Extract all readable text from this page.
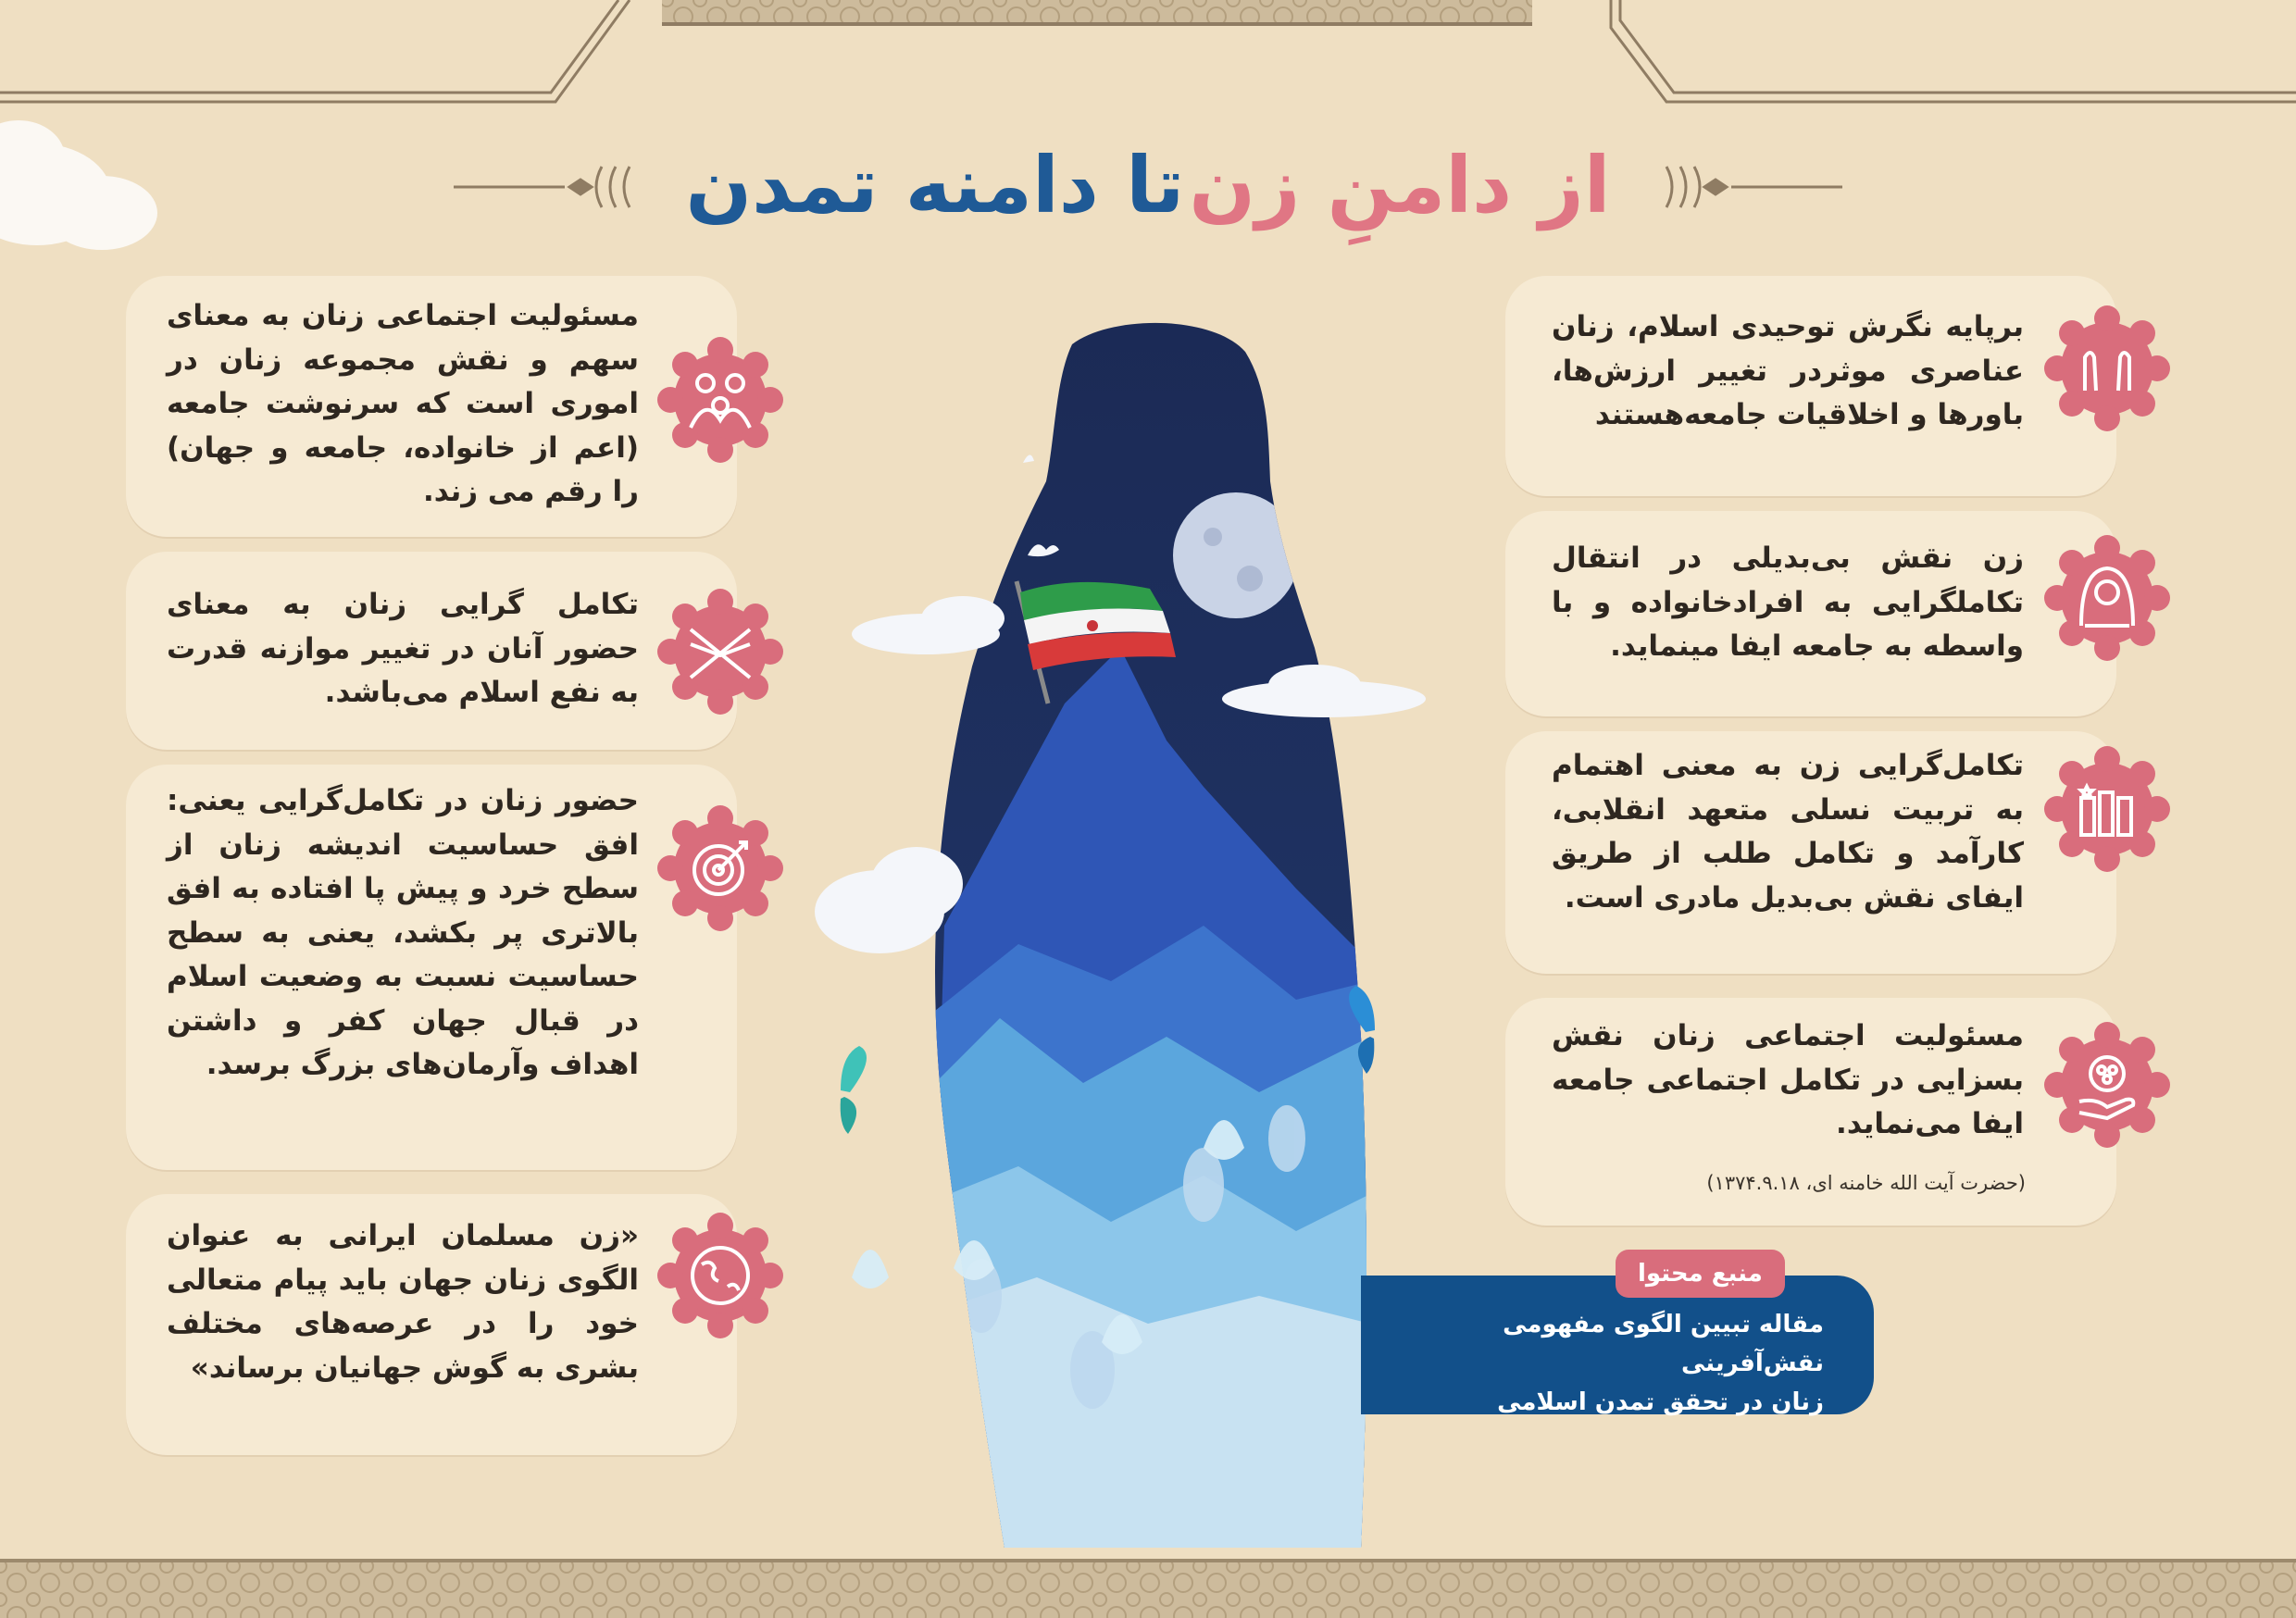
از دامنِ زن تا دامنه تمدن
مسئولیت اجتماعی زنان به معنای سهم و نقش مجموعه زنان در اموری است که سرنوشت جامعه (اعم از خانواده، جامعه و جهان) را رقم می زند.
تکامل گرایی زنان به معنای حضور آنان در تغییر موازنه قدرت به نفع اسلام می‌باشد.
حضور زنان در تکامل‌گرایی یعنی: افق حساسیت اندیشه زنان از سطح خرد و پیش پا افتاده به افق بالاتری پر بکشد، یعنی به سطح حساسیت نسبت به وضعیت اسلام در قبال جهان کفر و داشتن اهداف وآرمان‌های بزرگ برسد.
«زن مسلمان ایرانی به عنوان الگوی زنان جهان باید پیام متعالی خود را در عرصه‌های مختلف بشری به گوش جهانیان برساند»
برپایه نگرش توحیدی اسلام، زنان عناصری موثردر تغییر ارزش‌ها، باورها و اخلاقیات جامعه‌هستند
زن نقش بی‌بدیلی در انتقال تکاملگرایی به افرادخانواده و با واسطه به جامعه ایفا مینماید.
تکامل‌گرایی زن به معنی اهتمام به تربیت نسلی متعهد انقلابی، کارآمد و تکامل طلب از طریق ایفای نقش بی‌بدیل مادری است.
مسئولیت اجتماعی زنان نقش بسزایی در تکامل اجتماعی جامعه ایفا می‌نماید.
(حضرت آیت الله خامنه ای، ۱۳۷۴.۹.۱۸)
منبع محتوا
مقاله تبیین الگوی مفهومی نقش‌آفرینی
زنان در تحقق تمدن اسلامی
